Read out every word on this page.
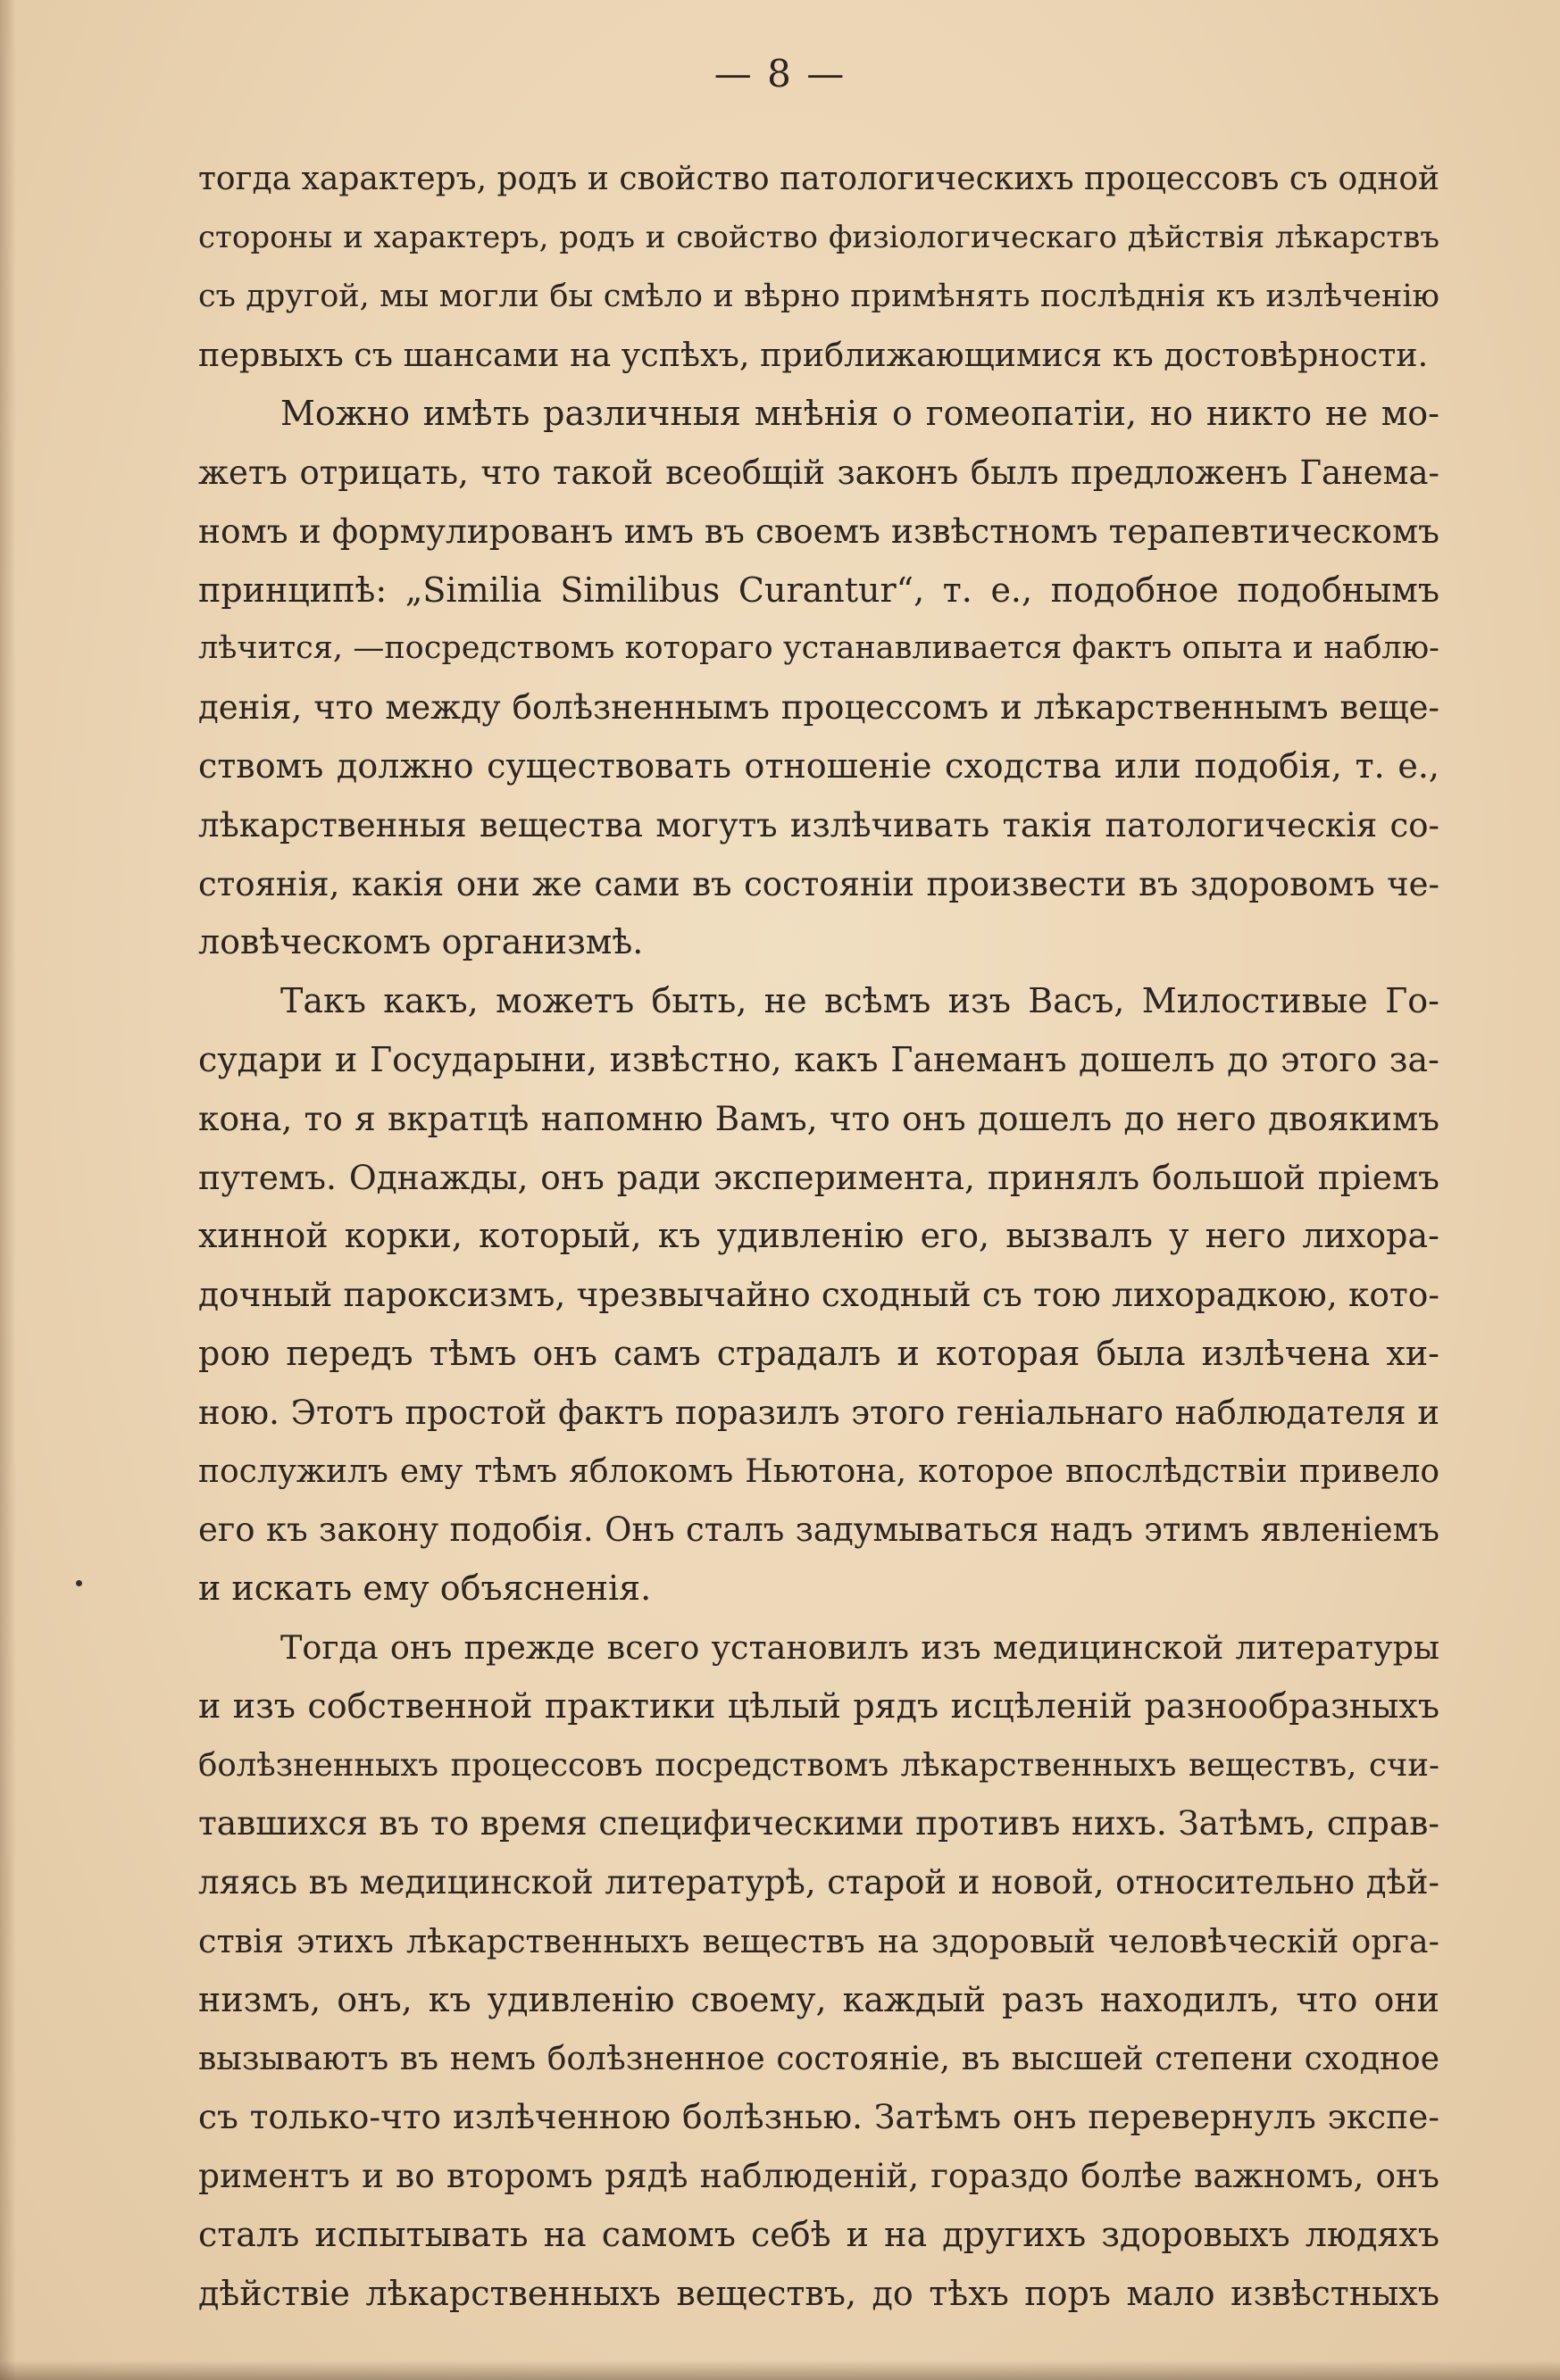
— 8 —
тогда характеръ, родъ и свойство патологическихъ процессовъ съ одной
стороны и характеръ, родъ и свойство физiологическаго дѣйствiя лѣкарствъ
съ другой, мы могли бы смѣло и вѣрно примѣнять послѣднiя къ излѣченiю
первыхъ съ шансами на успѣхъ, приближающимися къ достовѣрности.
Можно имѣть различныя мнѣнiя о гомеопатiи, но никто не мо-
жетъ отрицать, что такой всеобщiй законъ былъ предложенъ Ганема-
номъ и формулированъ имъ въ своемъ извѣстномъ терапевтическомъ
принципѣ: „Similia Similibus Curantur“, т. е., подобное подобнымъ
лѣчится, —посредствомъ котораго устанавливается фактъ опыта и наблю-
денiя, что между болѣзненнымъ процессомъ и лѣкарственнымъ веще-
ствомъ должно существовать отношенiе сходства или подобiя, т. е.,
лѣкарственныя вещества могутъ излѣчивать такiя патологическiя со-
стоянiя, какiя они же сами въ состоянiи произвести въ здоровомъ че-
ловѣческомъ организмѣ.
Такъ какъ, можетъ быть, не всѣмъ изъ Васъ, Милостивые Го-
судари и Государыни, извѣстно, какъ Ганеманъ дошелъ до этого за-
кона, то я вкратцѣ напомню Вамъ, что онъ дошелъ до него двоякимъ
путемъ. Однажды, онъ ради эксперимента, принялъ большой прiемъ
хинной корки, который, къ удивленiю его, вызвалъ у него лихора-
дочный пароксизмъ, чрезвычайно сходный съ тою лихорадкою, кото-
рою передъ тѣмъ онъ самъ страдалъ и которая была излѣчена хи-
ною. Этотъ простой фактъ поразилъ этого генiальнаго наблюдателя и
послужилъ ему тѣмъ яблокомъ Ньютона, которое впослѣдствiи привело
его къ закону подобiя. Онъ сталъ задумываться надъ этимъ явленiемъ
и искать ему объясненiя.
Тогда онъ прежде всего установилъ изъ медицинской литературы
и изъ собственной практики цѣлый рядъ исцѣленiй разнообразныхъ
болѣзненныхъ процессовъ посредствомъ лѣкарственныхъ веществъ, счи-
тавшихся въ то время специфическими противъ нихъ. Затѣмъ, справ-
ляясь въ медицинской литературѣ, старой и новой, относительно дѣй-
ствiя этихъ лѣкарственныхъ веществъ на здоровый человѣческiй орга-
низмъ, онъ, къ удивленiю своему, каждый разъ находилъ, что они
вызываютъ въ немъ болѣзненное состоянiе, въ высшей степени сходное
съ только-что излѣченною болѣзнью. Затѣмъ онъ перевернулъ экспе-
риментъ и во второмъ рядѣ наблюденiй, гораздо болѣе важномъ, онъ
сталъ испытывать на самомъ себѣ и на другихъ здоровыхъ людяхъ
дѣйствiе лѣкарственныхъ веществъ, до тѣхъ поръ мало извѣстныхъ
